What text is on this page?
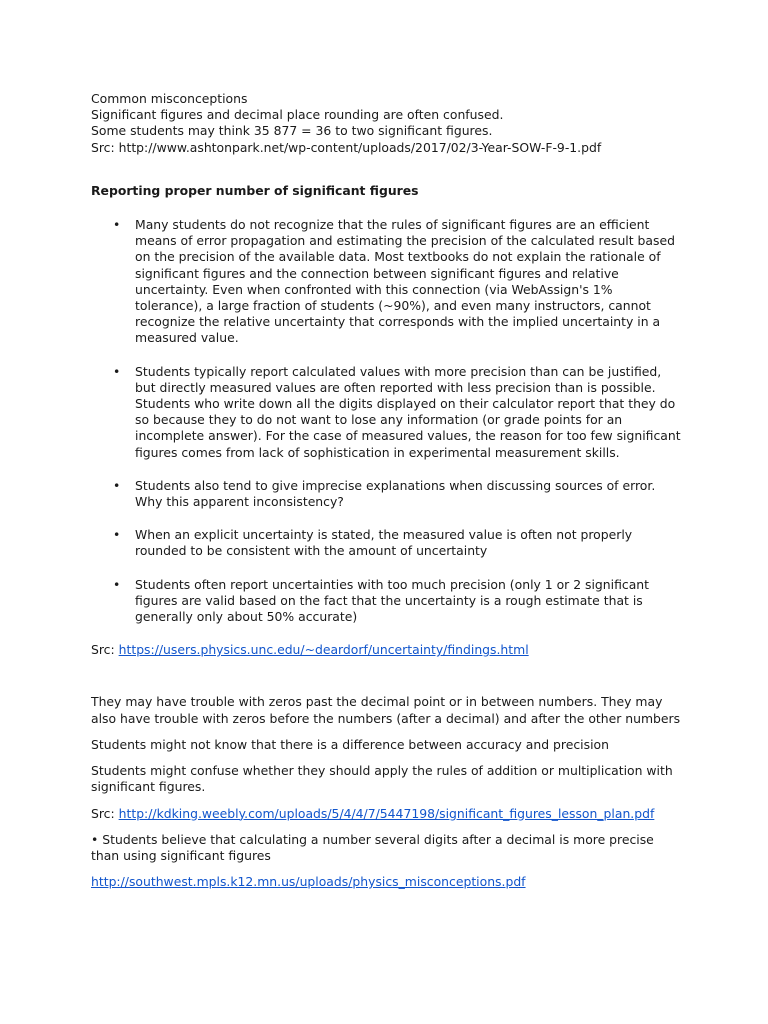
Common misconceptions

Significant figures and decimal place rounding are often confused.

Some students may think 35 877 = 36 to two significant figures.

Src: http://www.ashtonpark.net/wp-content/uploads/2017/02/3-Year-SOW-F-9-1.pdf

Reporting proper number of significant figures

• Many students do not recognize that the rules of significant figures are an efficient means of error propagation and estimating the precision of the calculated result based on the precision of the available data. Most textbooks do not explain the rationale of significant figures and the connection between significant figures and relative uncertainty. Even when confronted with this connection (via WebAssign's 1% tolerance), a large fraction of students (~90%), and even many instructors, cannot recognize the relative uncertainty that corresponds with the implied uncertainty in a measured value.
• Students typically report calculated values with more precision than can be justified, but directly measured values are often reported with less precision than is possible. Students who write down all the digits displayed on their calculator report that they do so because they to do not want to lose any information (or grade points for an incomplete answer). For the case of measured values, the reason for too few significant figures comes from lack of sophistication in experimental measurement skills.
• Students also tend to give imprecise explanations when discussing sources of error. Why this apparent inconsistency?
• When an explicit uncertainty is stated, the measured value is often not properly rounded to be consistent with the amount of uncertainty
• Students often report uncertainties with too much precision (only 1 or 2 significant figures are valid based on the fact that the uncertainty is a rough estimate that is generally only about 50% accurate)

Src: https://users.physics.unc.edu/~deardorf/uncertainty/findings.html

They may have trouble with zeros past the decimal point or in between numbers. They may also have trouble with zeros before the numbers (after a decimal) and after the other numbers

Students might not know that there is a difference between accuracy and precision

Students might confuse whether they should apply the rules of addition or multiplication with significant figures.

Src: http://kdking.weebly.com/uploads/5/4/4/7/5447198/significant_figures_lesson_plan.pdf

• Students believe that calculating a number several digits after a decimal is more precise than using significant figures

http://southwest.mpls.k12.mn.us/uploads/physics_misconceptions.pdf
